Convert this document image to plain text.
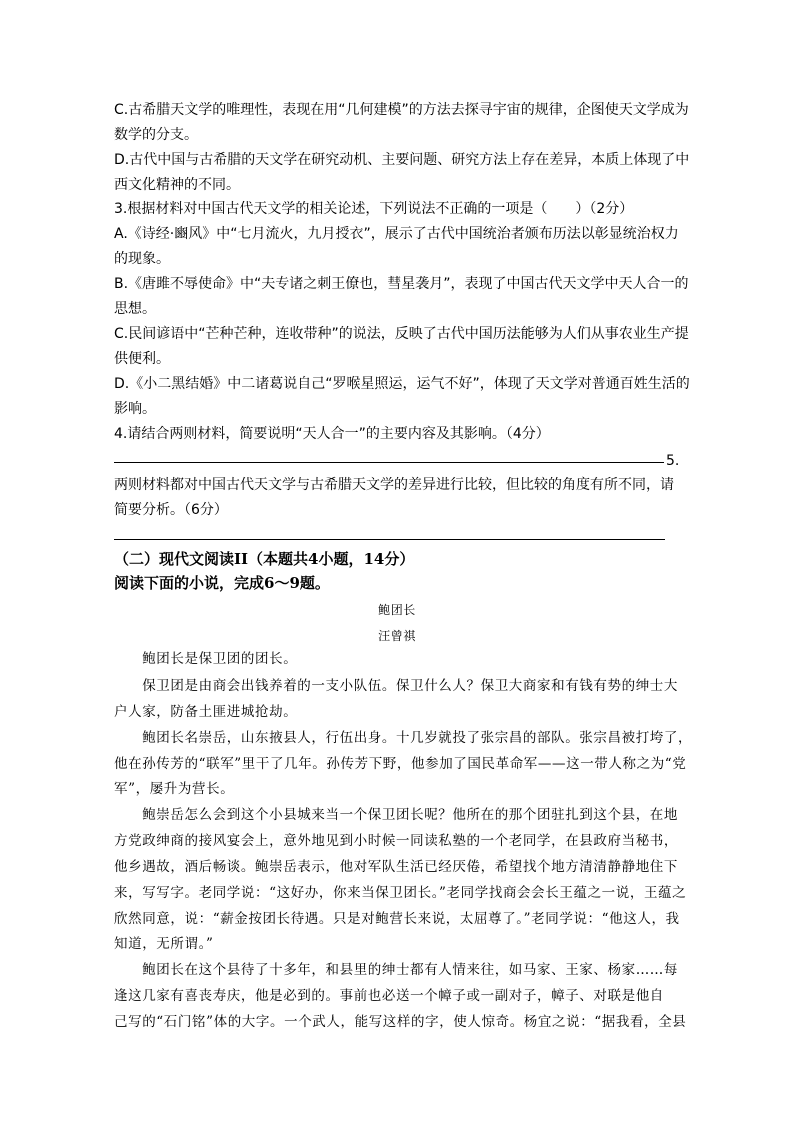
C.古希腊天文学的唯理性，表现在用“几何建模”的方法去探寻宇宙的规律，企图使天文学成为
数学的分支。
D.古代中国与古希腊的天文学在研究动机、主要问题、研究方法上存在差异，本质上体现了中
西文化精神的不同。
3.根据材料对中国古代天文学的相关论述，下列说法不正确的一项是（　　）（2分）
A.《诗经·豳风》中“七月流火，九月授衣”，展示了古代中国统治者颁布历法以彰显统治权力
的现象。
B.《唐雎不辱使命》中“夫专诸之刺王僚也，彗星袭月”，表现了中国古代天文学中天人合一的
思想。
C.民间谚语中“芒种芒种，连收带种”的说法，反映了古代中国历法能够为人们从事农业生产提
供便利。
D.《小二黑结婚》中二诸葛说自己“罗喉星照运，运气不好”，体现了天文学对普通百姓生活的
影响。
4.请结合两则材料，简要说明“天人合一”的主要内容及其影响。（4分）
5.
两则材料都对中国古代天文学与古希腊天文学的差异进行比较，但比较的角度有所不同，请
简要分析。（6分）
（二）现代文阅读II（本题共4小题，14分）
阅读下面的小说，完成6～9题。
鲍团长
汪曾祺
　　鲍团长是保卫团的团长。
　　保卫团是由商会出钱养着的一支小队伍。保卫什么人？保卫大商家和有钱有势的绅士大
户人家，防备土匪进城抢劫。
　　鲍团长名崇岳，山东掖县人，行伍出身。十几岁就投了张宗昌的部队。张宗昌被打垮了，
他在孙传芳的“联军”里干了几年。孙传芳下野，他参加了国民革命军——这一带人称之为“党
军”，屡升为营长。
　　鲍崇岳怎么会到这个小县城来当一个保卫团长呢？他所在的那个团驻扎到这个县，在地
方党政绅商的接风宴会上，意外地见到小时候一同读私塾的一个老同学，在县政府当秘书，
他乡遇故，酒后畅谈。鲍崇岳表示，他对军队生活已经厌倦，希望找个地方清清静静地住下
来，写写字。老同学说：“这好办，你来当保卫团长。”老同学找商会会长王蕴之一说，王蕴之
欣然同意，说：“薪金按团长待遇。只是对鲍营长来说，太屈尊了。”老同学说：“他这人，我
知道，无所谓。”
　　鲍团长在这个县待了十多年，和县里的绅士都有人情来往，如马家、王家、杨家……每
逢这几家有喜丧寿庆，他是必到的。事前也必送一个幛子或一副对子，幛子、对联是他自
己写的“石门铭”体的大字。一个武人，能写这样的字，使人惊奇。杨宜之说：“据我看，全县
